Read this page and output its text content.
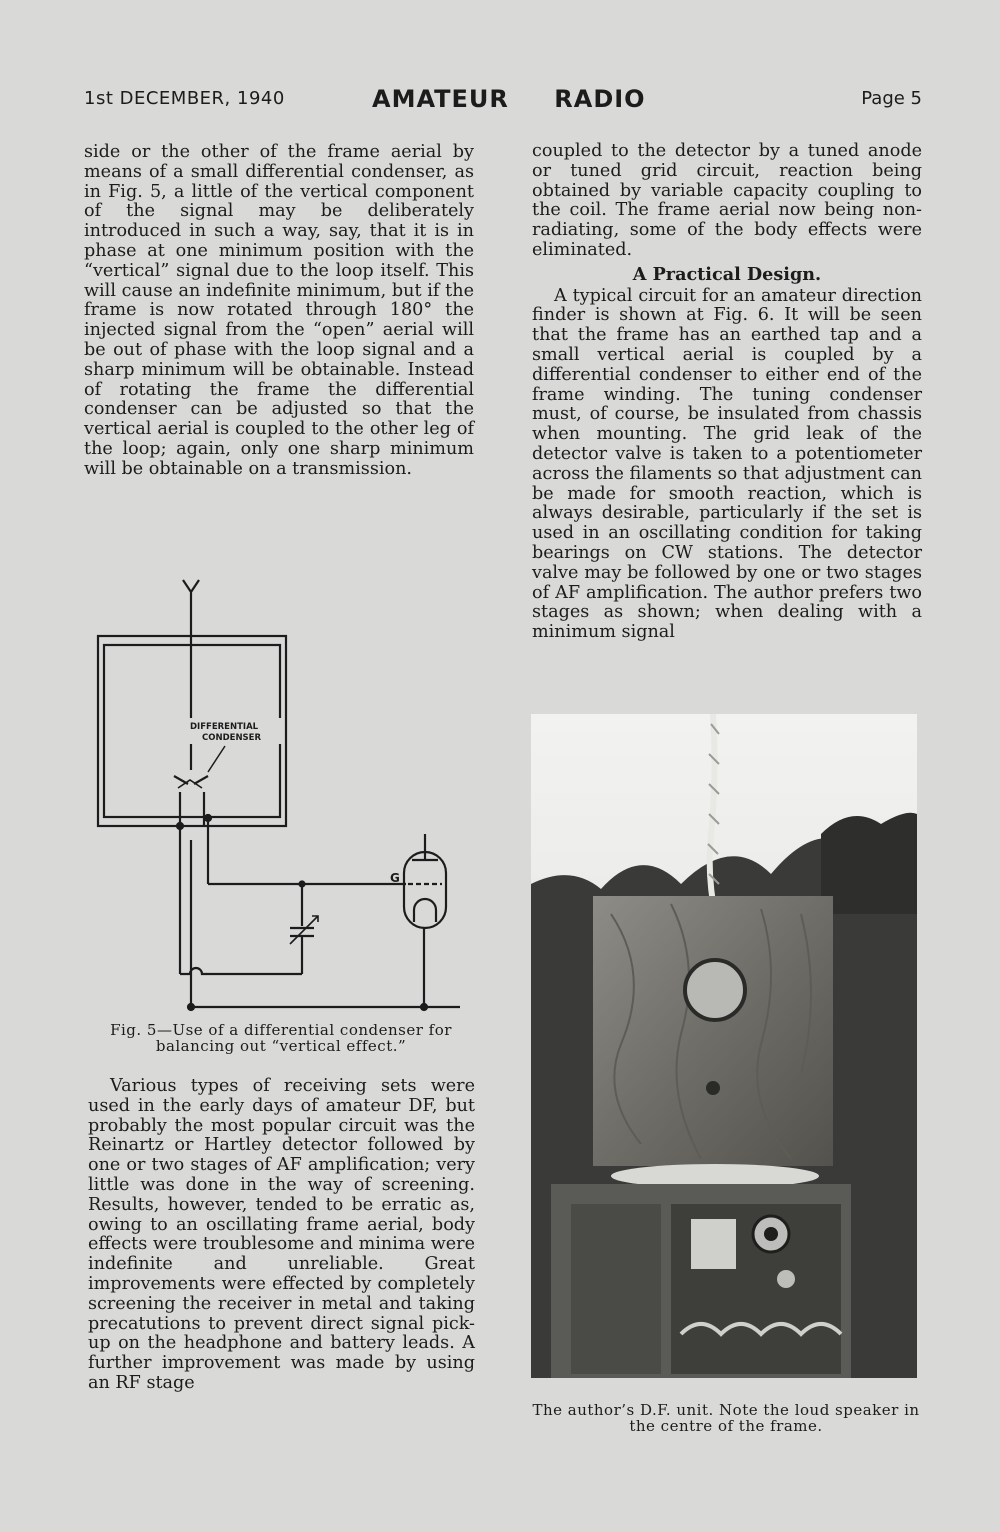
1st DECEMBER, 1940	AMATEUR RADIO	Page 5

side or the other of the frame aerial by means of a small differential condenser, as in Fig. 5, a little of the vertical component of the signal may be deliberately introduced in such a way, say, that it is in phase at one minimum position with the “vertical” signal due to the loop itself. This will cause an indefinite minimum, but if the frame is now rotated through 180° the injected signal from the “open” aerial will be out of phase with the loop signal and a sharp minimum will be obtainable. Instead of rotating the frame the differential condenser can be adjusted so that the vertical aerial is coupled to the other leg of the loop; again, only one sharp minimum will be obtainable on a transmission.

DIFFERENTIAL
CONDENSER
G
Fig. 5—Use of a differential condenser for balancing out “vertical effect.”

Various types of receiving sets were used in the early days of amateur DF, but probably the most popular circuit was the Reinartz or Hartley detector followed by one or two stages of AF amplification; very little was done in the way of screening. Results, however, tended to be erratic as, owing to an oscillating frame aerial, body effects were troublesome and minima were indefinite and unreliable. Great improvements were effected by completely screening the receiver in metal and taking precatutions to prevent direct signal pick-up on the headphone and battery leads. A further improvement was made by using an RF stage

coupled to the detector by a tuned anode or tuned grid circuit, reaction being obtained by variable capacity coupling to the coil. The frame aerial now being non-radiating, some of the body effects were eliminated.

A Practical Design.

A typical circuit for an amateur direction finder is shown at Fig. 6. It will be seen that the frame has an earthed tap and a small vertical aerial is coupled by a differential condenser to either end of the frame winding. The tuning condenser must, of course, be insulated from chassis when mounting. The grid leak of the detector valve is taken to a potentiometer across the filaments so that adjustment can be made for smooth reaction, which is always desirable, particularly if the set is used in an oscillating condition for taking bearings on CW stations. The detector valve may be followed by one or two stages of AF amplification. The author prefers two stages as shown; when dealing with a minimum signal

The author’s D.F. unit. Note the loud speaker in the centre of the frame.
